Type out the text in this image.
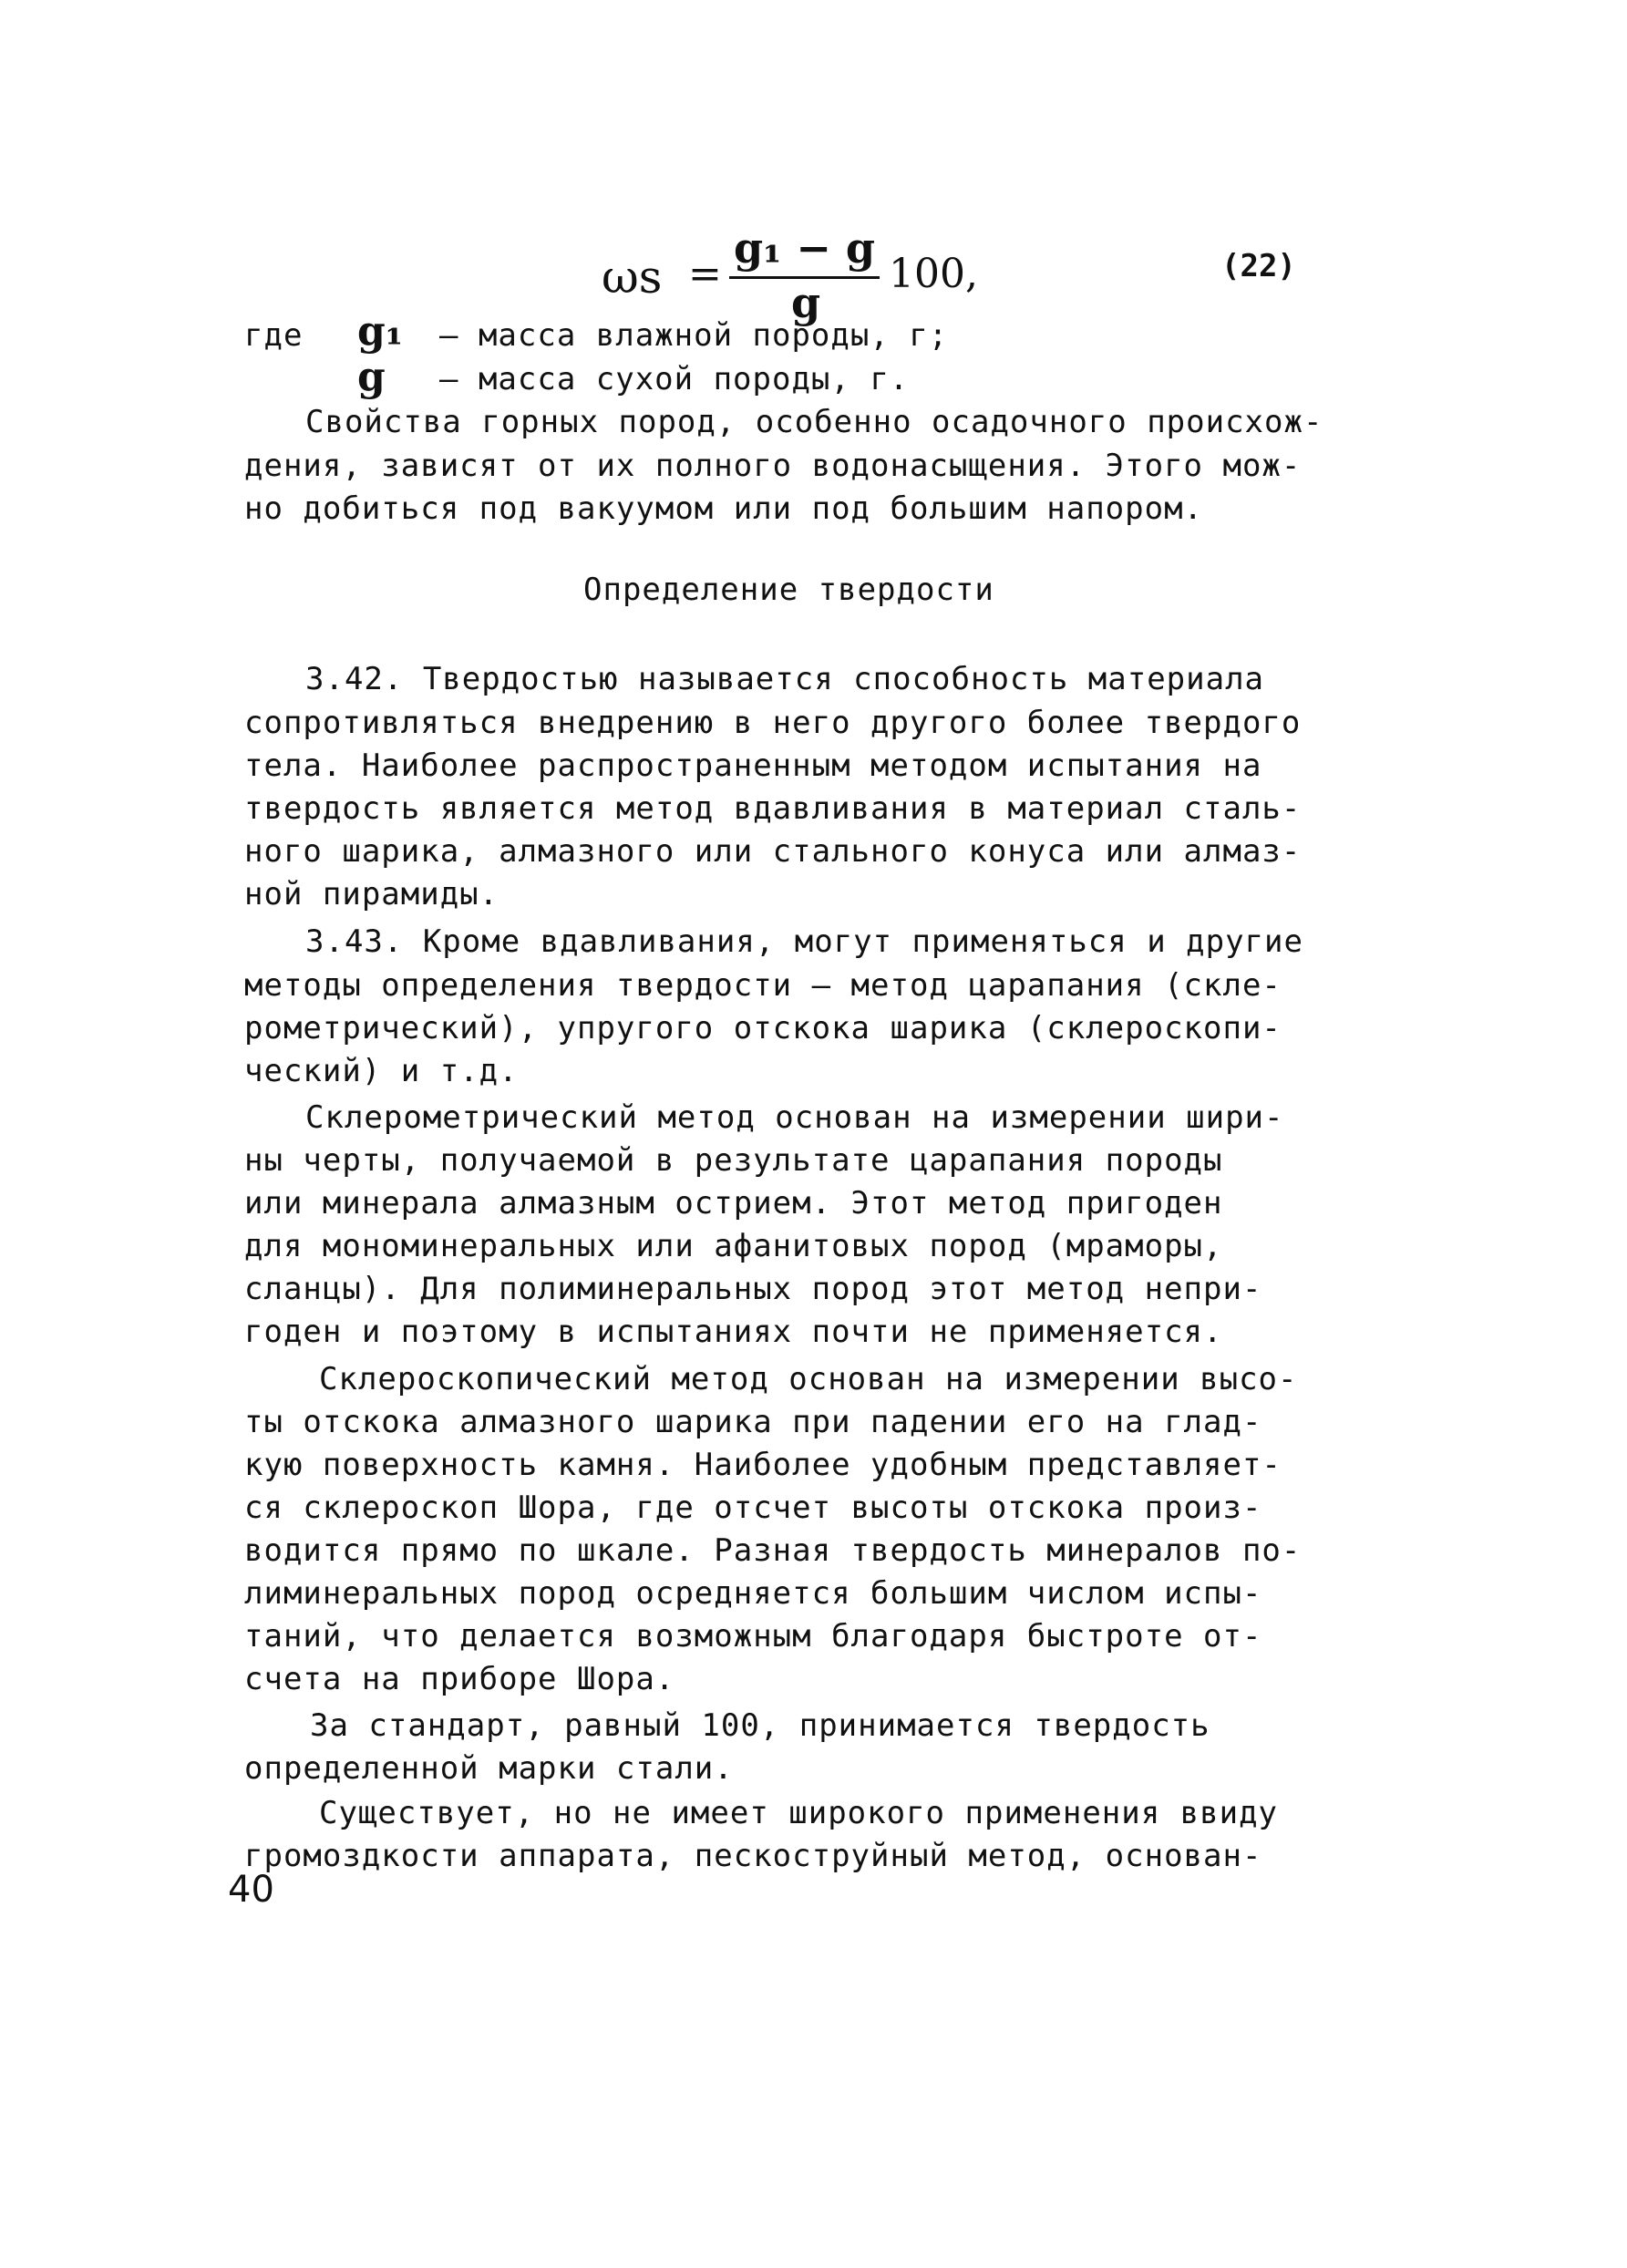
ωs =
g₁ − g
g
100,	(22)
где g₁ – масса влажной породы, г;
g – масса сухой породы, г.
Свойства горных пород, особенно осадочного происхож-
дения, зависят от их полного водонасыщения. Этого мож-
но добиться под вакуумом или под большим напором.
Определение твердости
3.42. Твердостью называется способность материала
сопротивляться внедрению в него другого более твердого
тела. Наиболее распространенным методом испытания на
твердость является метод вдавливания в материал сталь-
ного шарика, алмазного или стального конуса или алмаз-
ной пирамиды.
3.43. Кроме вдавливания, могут применяться и другие
методы определения твердости – метод царапания (скле-
рометрический), упругого отскока шарика (склероскопи-
ческий) и т.д.
Склерометрический метод основан на измерении шири-
ны черты, получаемой в результате царапания породы
или минерала алмазным острием. Этот метод пригоден
для мономинеральных или афанитовых пород (мраморы,
сланцы). Для полиминеральных пород этот метод непри-
годен и поэтому в испытаниях почти не применяется.
Склероскопический метод основан на измерении высо-
ты отскока алмазного шарика при падении его на глад-
кую поверхность камня. Наиболее удобным представляет-
ся склероскоп Шора, где отсчет высоты отскока произ-
водится прямо по шкале. Разная твердость минералов по-
лиминеральных пород осредняется большим числом испы-
таний, что делается возможным благодаря быстроте от-
счета на приборе Шора.
За стандарт, равный 100, принимается твердость
определенной марки стали.
Существует, но не имеет широкого применения ввиду
громоздкости аппарата, пескоструйный метод, основан-
40
